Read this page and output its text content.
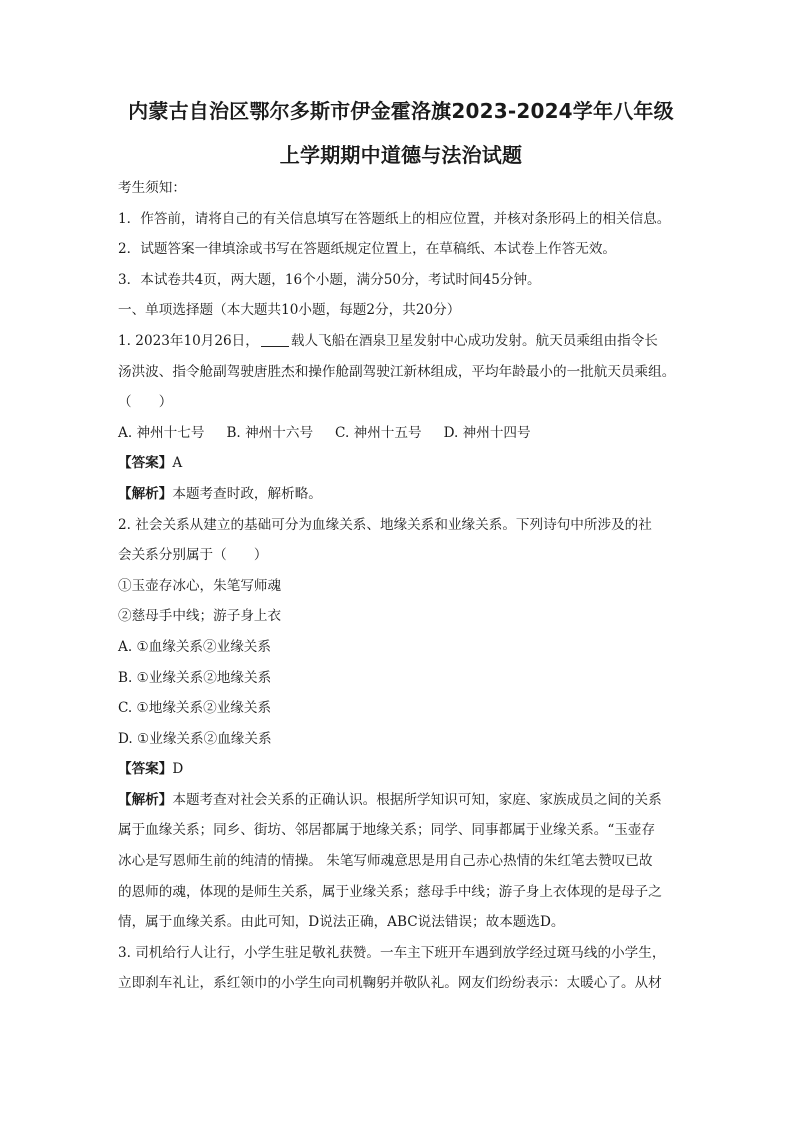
内蒙古自治区鄂尔多斯市伊金霍洛旗2023-2024学年八年级

上学期期中道德与法治试题

考生须知：

1．作答前，请将自己的有关信息填写在答题纸上的相应位置，并核对条形码上的相关信息。

2．试题答案一律填涂或书写在答题纸规定位置上，在草稿纸、本试卷上作答无效。

3．本试卷共4页，两大题，16个小题，满分50分，考试时间45分钟。

一、单项选择题（本大题共10小题，每题2分，共20分）

1. 2023年10月26日， 载人飞船在酒泉卫星发射中心成功发射。航天员乘组由指令长

汤洪波、指令舱副驾驶唐胜杰和操作舱副驾驶江新林组成，平均年龄最小的一批航天员乘组。

（　　）

A. 神州十七号 B. 神州十六号 C. 神州十五号 D. 神州十四号

【答案】A

【解析】本题考查时政，解析略。

2. 社会关系从建立的基础可分为血缘关系、地缘关系和业缘关系。下列诗句中所涉及的社

会关系分别属于（　　）

①玉壶存冰心，朱笔写师魂

②慈母手中线；游子身上衣

A. ①血缘关系②业缘关系

B. ①业缘关系②地缘关系

C. ①地缘关系②业缘关系

D. ①业缘关系②血缘关系

【答案】D

【解析】本题考查对社会关系的正确认识。根据所学知识可知，家庭、家族成员之间的关系

属于血缘关系；同乡、街坊、邻居都属于地缘关系；同学、同事都属于业缘关系。“玉壶存

冰心是写恩师生前的纯清的情操。 朱笔写师魂意思是用自己赤心热情的朱红笔去赞叹已故

的恩师的魂，体现的是师生关系，属于业缘关系；慈母手中线；游子身上衣体现的是母子之

情，属于血缘关系。由此可知，D说法正确，ABC说法错误；故本题选D。

3. 司机给行人让行，小学生驻足敬礼获赞。一车主下班开车遇到放学经过斑马线的小学生，

立即刹车礼让，系红领巾的小学生向司机鞠躬并敬队礼。网友们纷纷表示：太暖心了。从材
